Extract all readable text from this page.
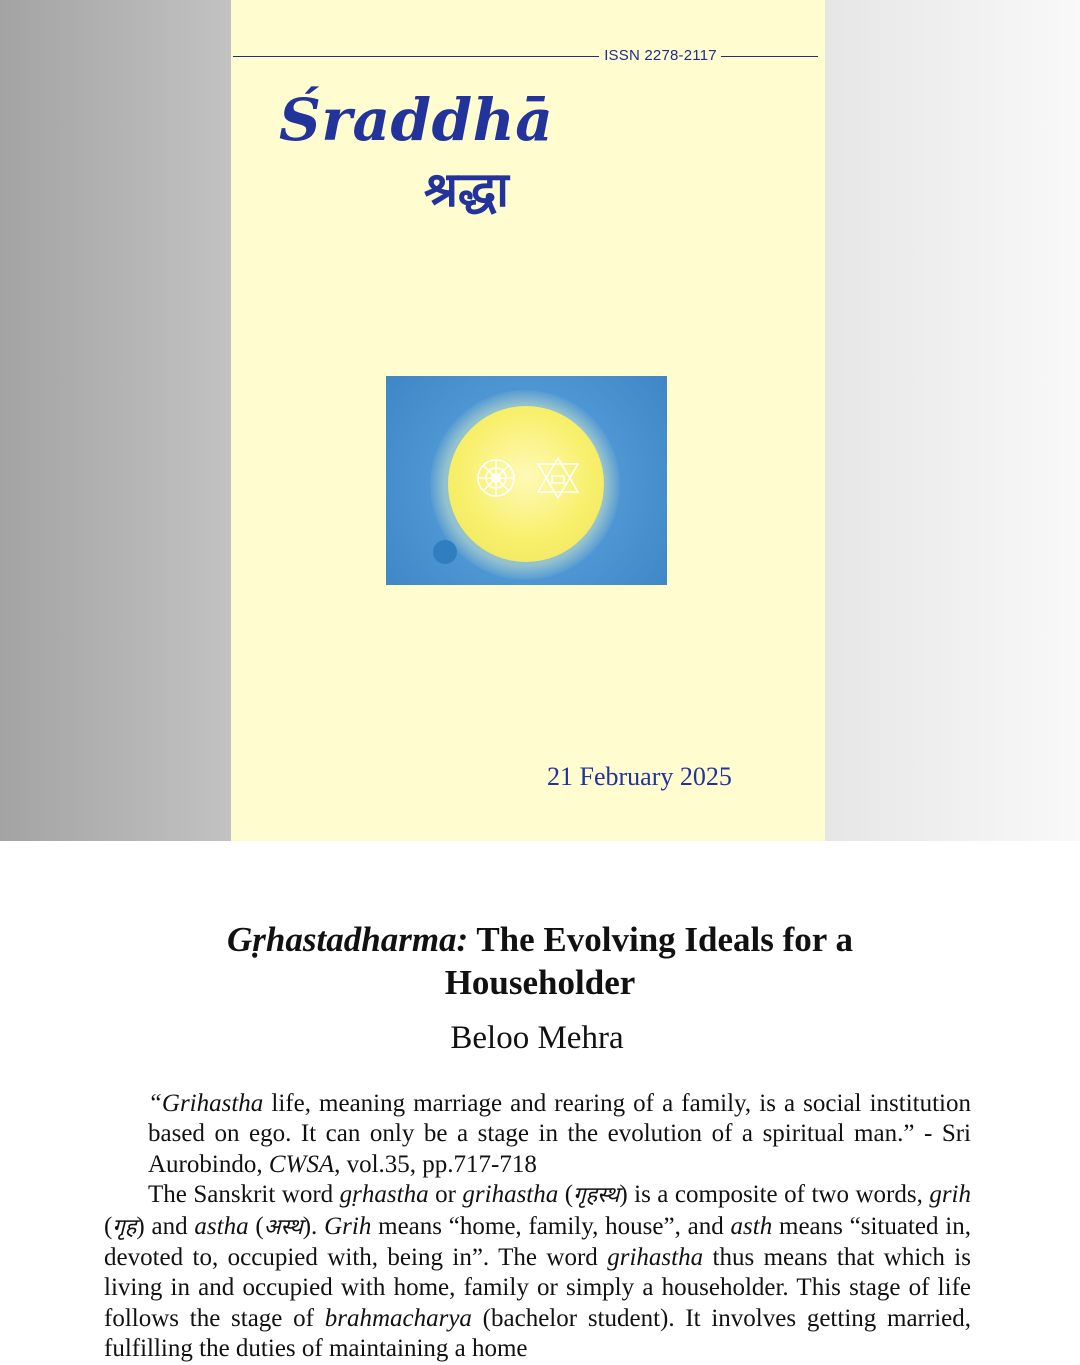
ISSN 2278-2117
Śraddhā
श्रद्धा
21 February 2025
Gṛhastadharma: The Evolving Ideals for a Householder
Beloo Mehra
“Grihastha life, meaning marriage and rearing of a family, is a social institution based on ego. It can only be a stage in the evolution of a spiritual man.” - Sri Aurobindo, CWSA, vol.35, pp.717-718
The Sanskrit word gṛhastha or grihastha (गृहस्थ) is a composite of two words, grih (गृह) and astha (अस्थ). Grih means “home, family, house”, and asth means “situated in, devoted to, occupied with, being in”. The word grihastha thus means that which is living in and occupied with home, family or simply a householder. This stage of life follows the stage of brahmacharya (bachelor student). It involves getting married, fulfilling the duties of maintaining a home
